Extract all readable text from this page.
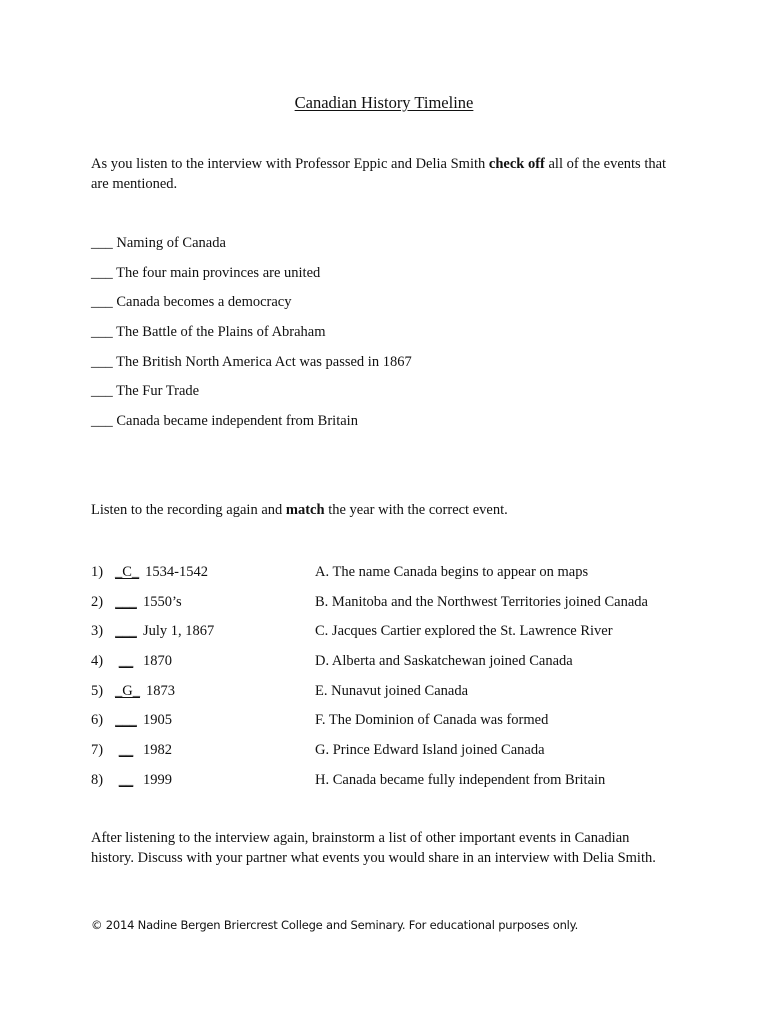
Canadian History Timeline
As you listen to the interview with Professor Eppic and Delia Smith check off all of the events that are mentioned.
___ Naming of Canada
___ The four main provinces are united
___ Canada becomes a democracy
___ The Battle of the Plains of Abraham
___ The British North America Act was passed in 1867
___ The Fur Trade
___ Canada became independent from Britain
Listen to the recording again and match the year with the correct event.
1) _C_ 1534-1542	A. The name Canada begins to appear on maps
2) ___ 1550’s	B. Manitoba and the Northwest Territories joined Canada
3) ___ July 1, 1867	C. Jacques Cartier explored the St. Lawrence River
4) __ 1870	D. Alberta and Saskatchewan joined Canada
5) _G_ 1873	E. Nunavut joined Canada
6) ___ 1905	F. The Dominion of Canada was formed
7) __ 1982	G. Prince Edward Island joined Canada
8) __ 1999	H. Canada became fully independent from Britain
After listening to the interview again, brainstorm a list of other important events in Canadian history. Discuss with your partner what events you would share in an interview with Delia Smith.
© 2014 Nadine Bergen Briercrest College and Seminary. For educational purposes only.
